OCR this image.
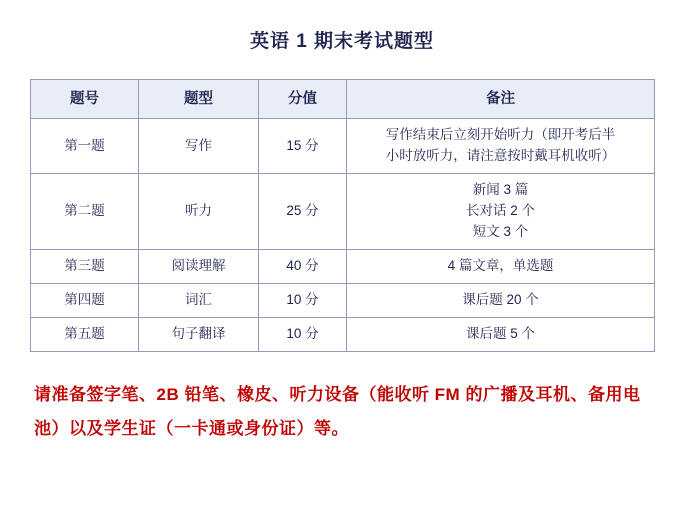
英语 1 期末考试题型
题号	题型	分值	备注
第一题	写作	15 分	写作结束后立刻开始听力（即开考后半
小时放听力，请注意按时戴耳机收听）

第二题	听力	25 分	新闻 3 篇
长对话 2 个
短文 3 个

第三题	阅读理解	40 分	4 篇文章，单选题
第四题	词汇	10 分	课后题 20 个
第五题	句子翻译	10 分	课后题 5 个
请准备签字笔、2B 铅笔、橡皮、听力设备（能收听 FM 的广播及耳机、备用电池）以及学生证（一卡通或身份证）等。
